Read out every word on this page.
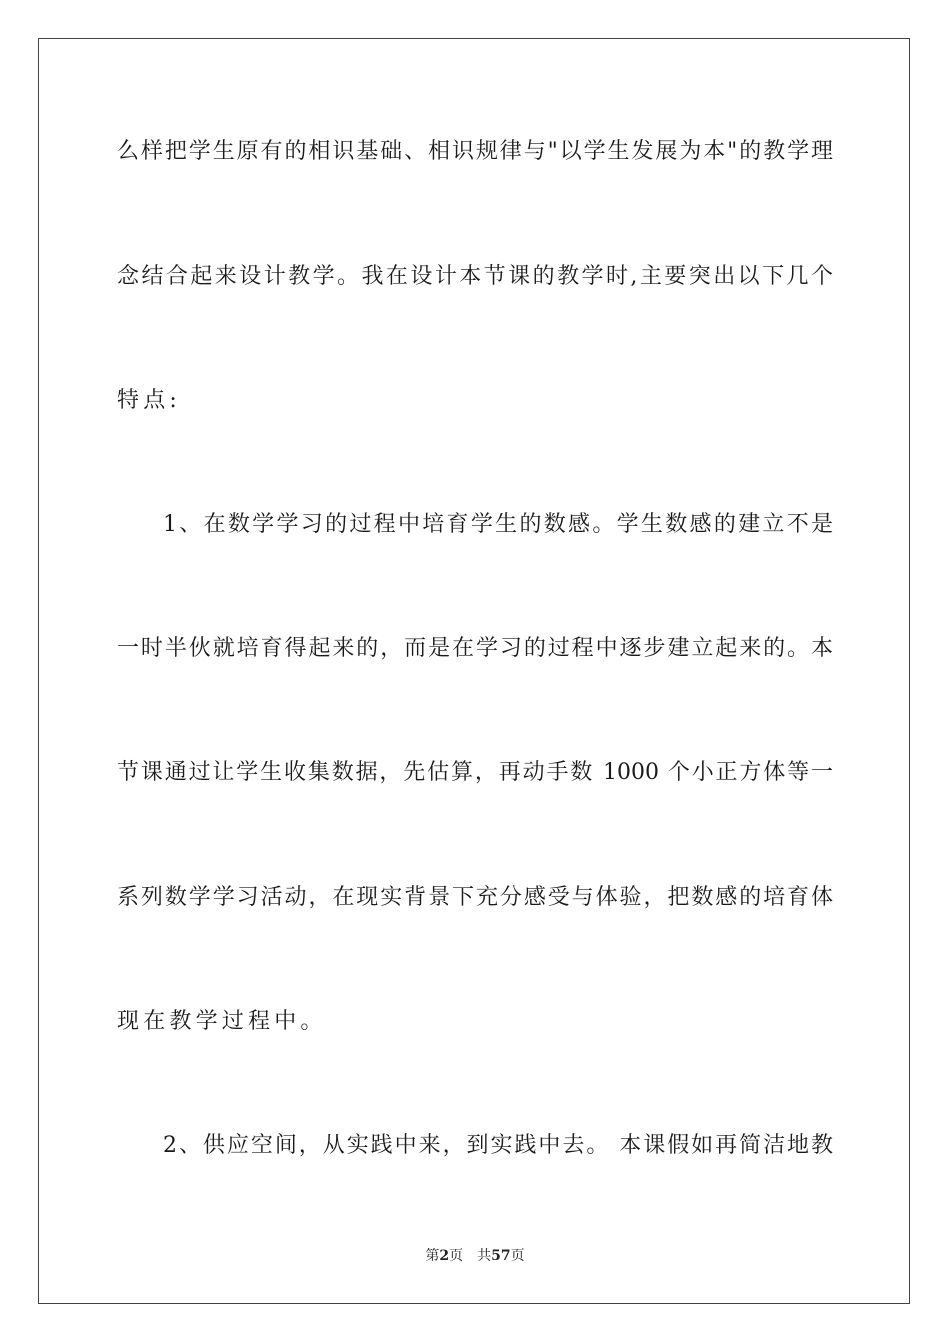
么样把学生原有的相识基础、相识规律与"以学生发展为本"的教学理
念结合起来设计教学。我在设计本节课的教学时,主要突出以下几个
特点:
1、在数学学习的过程中培育学生的数感。学生数感的建立不是
一时半伙就培育得起来的，而是在学习的过程中逐步建立起来的。本
节课通过让学生收集数据，先估算，再动手数 1000 个小正方体等一
系列数学学习活动，在现实背景下充分感受与体验，把数感的培育体
现在教学过程中。
2、供应空间，从实践中来，到实践中去。 本课假如再简洁地教
第2页 共57页
